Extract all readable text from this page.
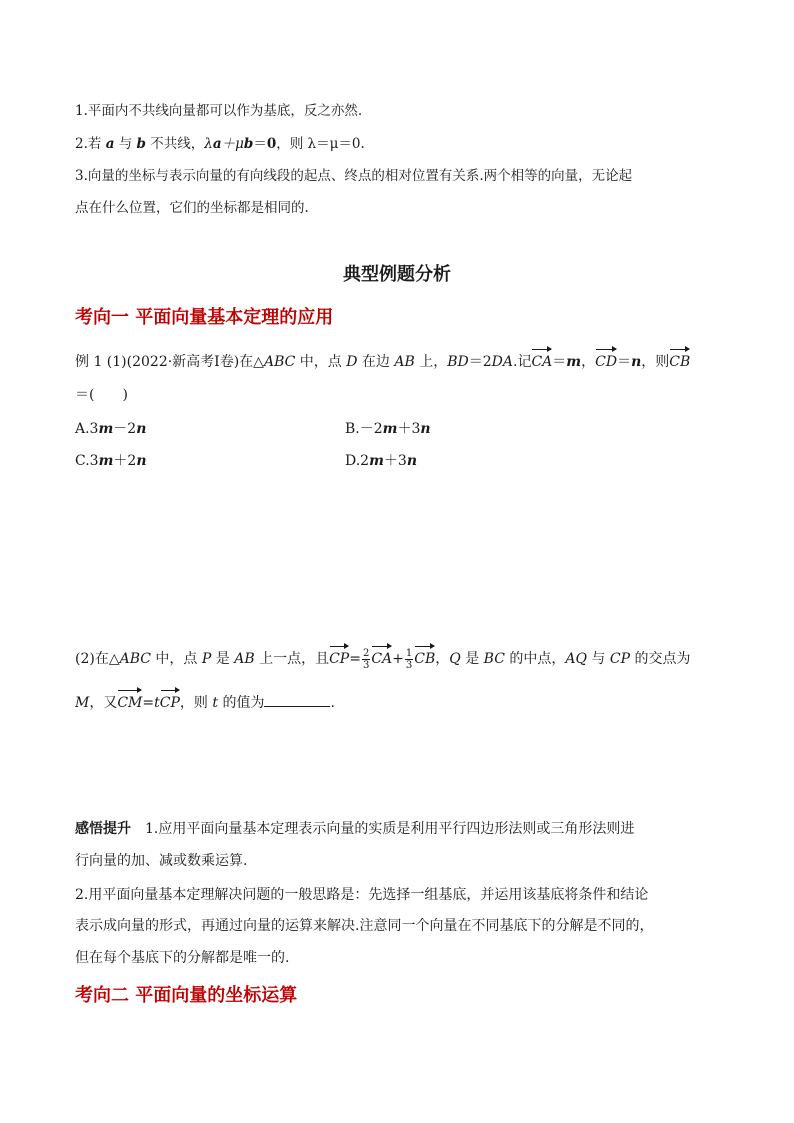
1.平面内不共线向量都可以作为基底，反之亦然.
2.若 a 与 b 不共线，λa＋μb＝0，则 λ＝μ＝0.
3.向量的坐标与表示向量的有向线段的起点、终点的相对位置有关系.两个相等的向量，无论起
点在什么位置，它们的坐标都是相同的.
典型例题分析
考向一 平面向量基本定理的应用
例 1 (1)(2022·新高考Ⅰ卷)在△ABC 中，点 D 在边 AB 上，BD＝2DA.记CA＝m，CD＝n，则CB
＝(　　)
A.3m－2n	B.－2m＋3n
C.3m＋2n	D.2m＋3n
(2)在△ABC 中，点 P 是 AB 上一点，且$CP= \frac{2}{3} CA+ \frac{1}{3}$ CB，Q 是 BC 的中点，AQ 与 CP 的交点为
M，又CM=tCP，则 t 的值为	.
感悟提升　1.应用平面向量基本定理表示向量的实质是利用平行四边形法则或三角形法则进
行向量的加、减或数乘运算.
2.用平面向量基本定理解决问题的一般思路是：先选择一组基底，并运用该基底将条件和结论
表示成向量的形式，再通过向量的运算来解决.注意同一个向量在不同基底下的分解是不同的，
但在每个基底下的分解都是唯一的.
考向二 平面向量的坐标运算
